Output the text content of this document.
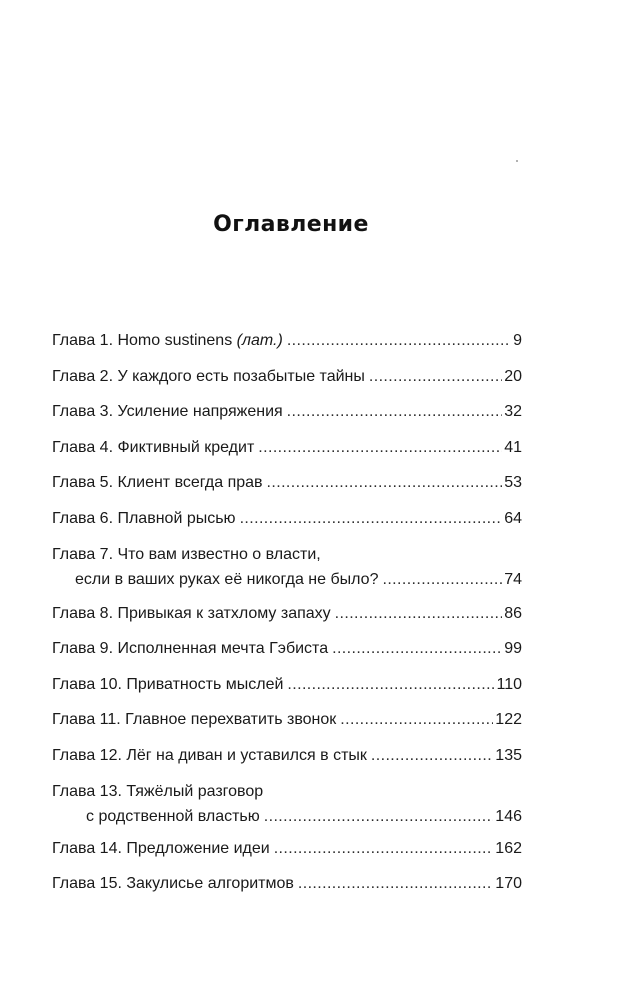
Оглавление
Глава 1. Homo sustinens (лат.) .....	9
Глава 2. У каждого есть позабытые тайны .....	20
Глава 3. Усиление напряжения .....	32
Глава 4. Фиктивный кредит .....	41
Глава 5. Клиент всегда прав .....	53
Глава 6. Плавной рысью .....	64
Глава 7. Что вам известно о власти,
если в ваших руках её никогда не было? .....	74
Глава 8. Привыкая к затхлому запаху .....	86
Глава 9. Исполненная мечта Гэбиста .....	99
Глава 10. Приватность мыслей .....	110
Глава 11. Главное перехватить звонок .....	122
Глава 12. Лёг на диван и уставился в стык .....	135
Глава 13. Тяжёлый разговор
с родственной властью .....	146
Глава 14. Предложение идеи .....	162
Глава 15. Закулисье алгоритмов .....	170
